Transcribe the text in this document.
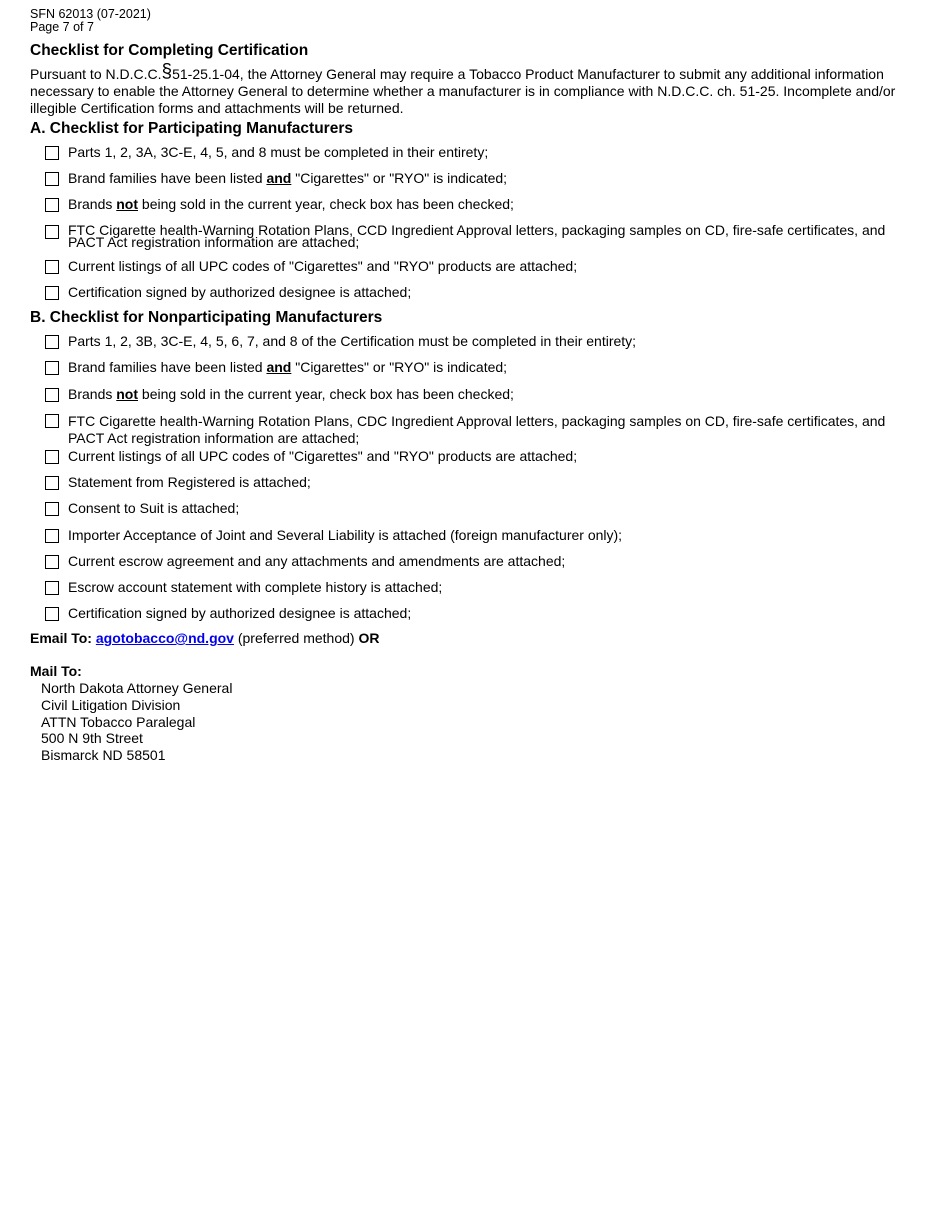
SFN 62013 (07-2021)
Page 7 of 7
Checklist for Completing Certification
Pursuant to N.D.C.C.§51-25.1-04, the Attorney General may require a Tobacco Product Manufacturer to submit any additional information necessary to enable the Attorney General to determine whether a manufacturer is in compliance with N.D.C.C. ch. 51-25. Incomplete and/or illegible Certification forms and attachments will be returned.
A. Checklist for Participating Manufacturers
Parts 1, 2, 3A, 3C-E, 4, 5, and 8 must be completed in their entirety;
Brand families have been listed and "Cigarettes" or "RYO" is indicated;
Brands not being sold in the current year, check box has been checked;
FTC Cigarette health-Warning Rotation Plans, CCD Ingredient Approval letters, packaging samples on CD, fire-safe certificates, and PACT Act registration information are attached;
Current listings of all UPC codes of "Cigarettes" and "RYO" products are attached;
Certification signed by authorized designee is attached;
B. Checklist for Nonparticipating Manufacturers
Parts 1, 2, 3B, 3C-E, 4, 5, 6, 7, and 8 of the Certification must be completed in their entirety;
Brand families have been listed and "Cigarettes" or "RYO" is indicated;
Brands not being sold in the current year, check box has been checked;
FTC Cigarette health-Warning Rotation Plans, CDC Ingredient Approval letters, packaging samples on CD, fire-safe certificates, and PACT Act registration information are attached;
Current listings of all UPC codes of "Cigarettes" and "RYO" products are attached;
Statement from Registered is attached;
Consent to Suit is attached;
Importer Acceptance of Joint and Several Liability is attached (foreign manufacturer only);
Current escrow agreement and any attachments and amendments are attached;
Escrow account statement with complete history is attached;
Certification signed by authorized designee is attached;
Email To: agotobacco@nd.gov (preferred method) OR
Mail To:
North Dakota Attorney General
Civil Litigation Division
ATTN Tobacco Paralegal
500 N 9th Street
Bismarck ND 58501
